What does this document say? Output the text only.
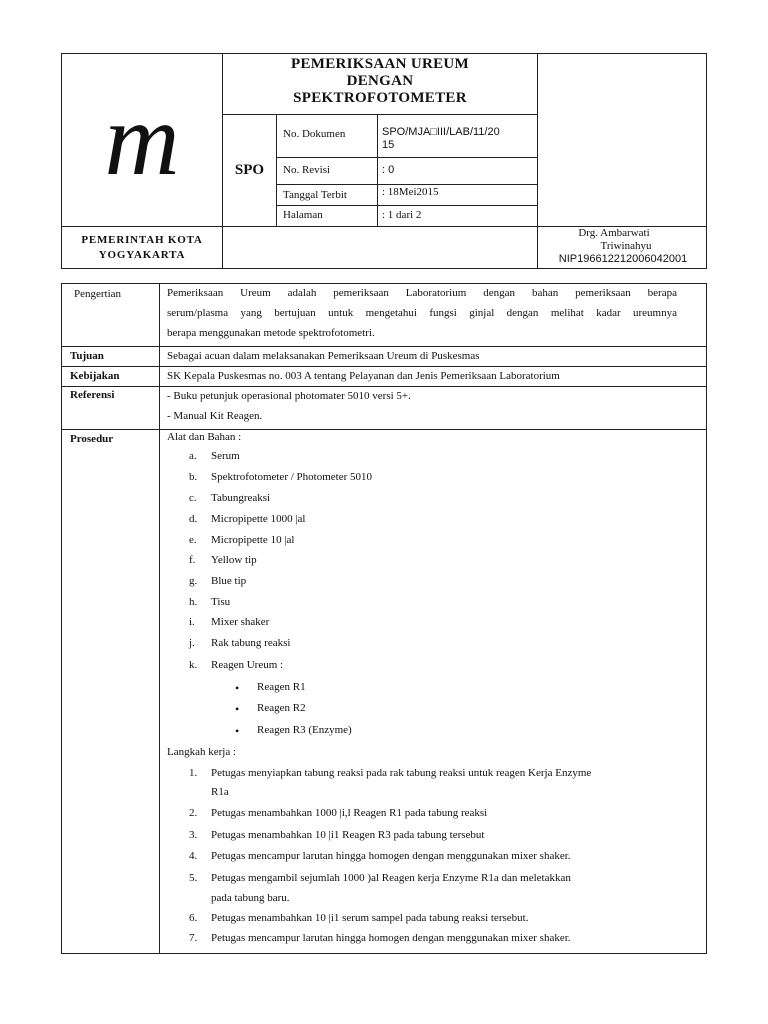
m
PEMERIKSAAN UREUM
DENGAN
SPEKTROFOTOMETER
SPO
No. Dokumen	SPO/MJA□III/LAB/11/20
15
No. Revisi	: 0
Tanggal Terbit	: 18Mei2015
Halaman	: 1 dari 2
PEMERINTAH KOTA
YOGYAKARTA
Drg. Ambarwati
Triwinahyu
NIP196612212006042001
Pengertian	Pemeriksaan Ureum adalah pemeriksaan Laboratorium dengan bahan pemeriksaan berapa
serum/plasma yang bertujuan untuk mengetahui fungsi ginjal dengan melihat kadar ureumnya
berapa menggunakan metode spektrofotometri.
Tujuan	Sebagai acuan dalam melaksanakan Pemeriksaan Ureum di Puskesmas
Kebijakan	SK Kepala Puskesmas no. 003 A tentang Pelayanan dan Jenis Pemeriksaan Laboratorium
Referensi	- Buku petunjuk operasional photomater 5010 versi 5+.
- Manual Kit Reagen.
Prosedur	Alat dan Bahan :
a.	Serum
b.	Spektrofotometer / Photometer 5010
c.	Tabungreaksi
d.	Micropipette 1000 |al
e.	Micropipette 10 |al
f.	Yellow tip
g.	Blue tip
h.	Tisu
i.	Mixer shaker
j.	Rak tabung reaksi
k.	Reagen Ureum :
•	Reagen R1
•	Reagen R2
•	Reagen R3 (Enzyme)
Langkah kerja :
1.	Petugas menyiapkan tabung reaksi pada rak tabung reaksi untuk reagen Kerja Enzyme
R1a
2.	Petugas menambahkan 1000 |i,l Reagen R1 pada tabung reaksi
3.	Petugas menambahkan 10 |i1 Reagen R3 pada tabung tersebut
4.	Petugas mencampur larutan hingga homogen dengan menggunakan mixer shaker.
5.	Petugas mengambil sejumlah 1000 )al Reagen kerja Enzyme R1a dan meletakkan
pada tabung baru.
6.	Petugas menambahkan 10 |i1 serum sampel pada tabung reaksi tersebut.
7.	Petugas mencampur larutan hingga homogen dengan menggunakan mixer shaker.
